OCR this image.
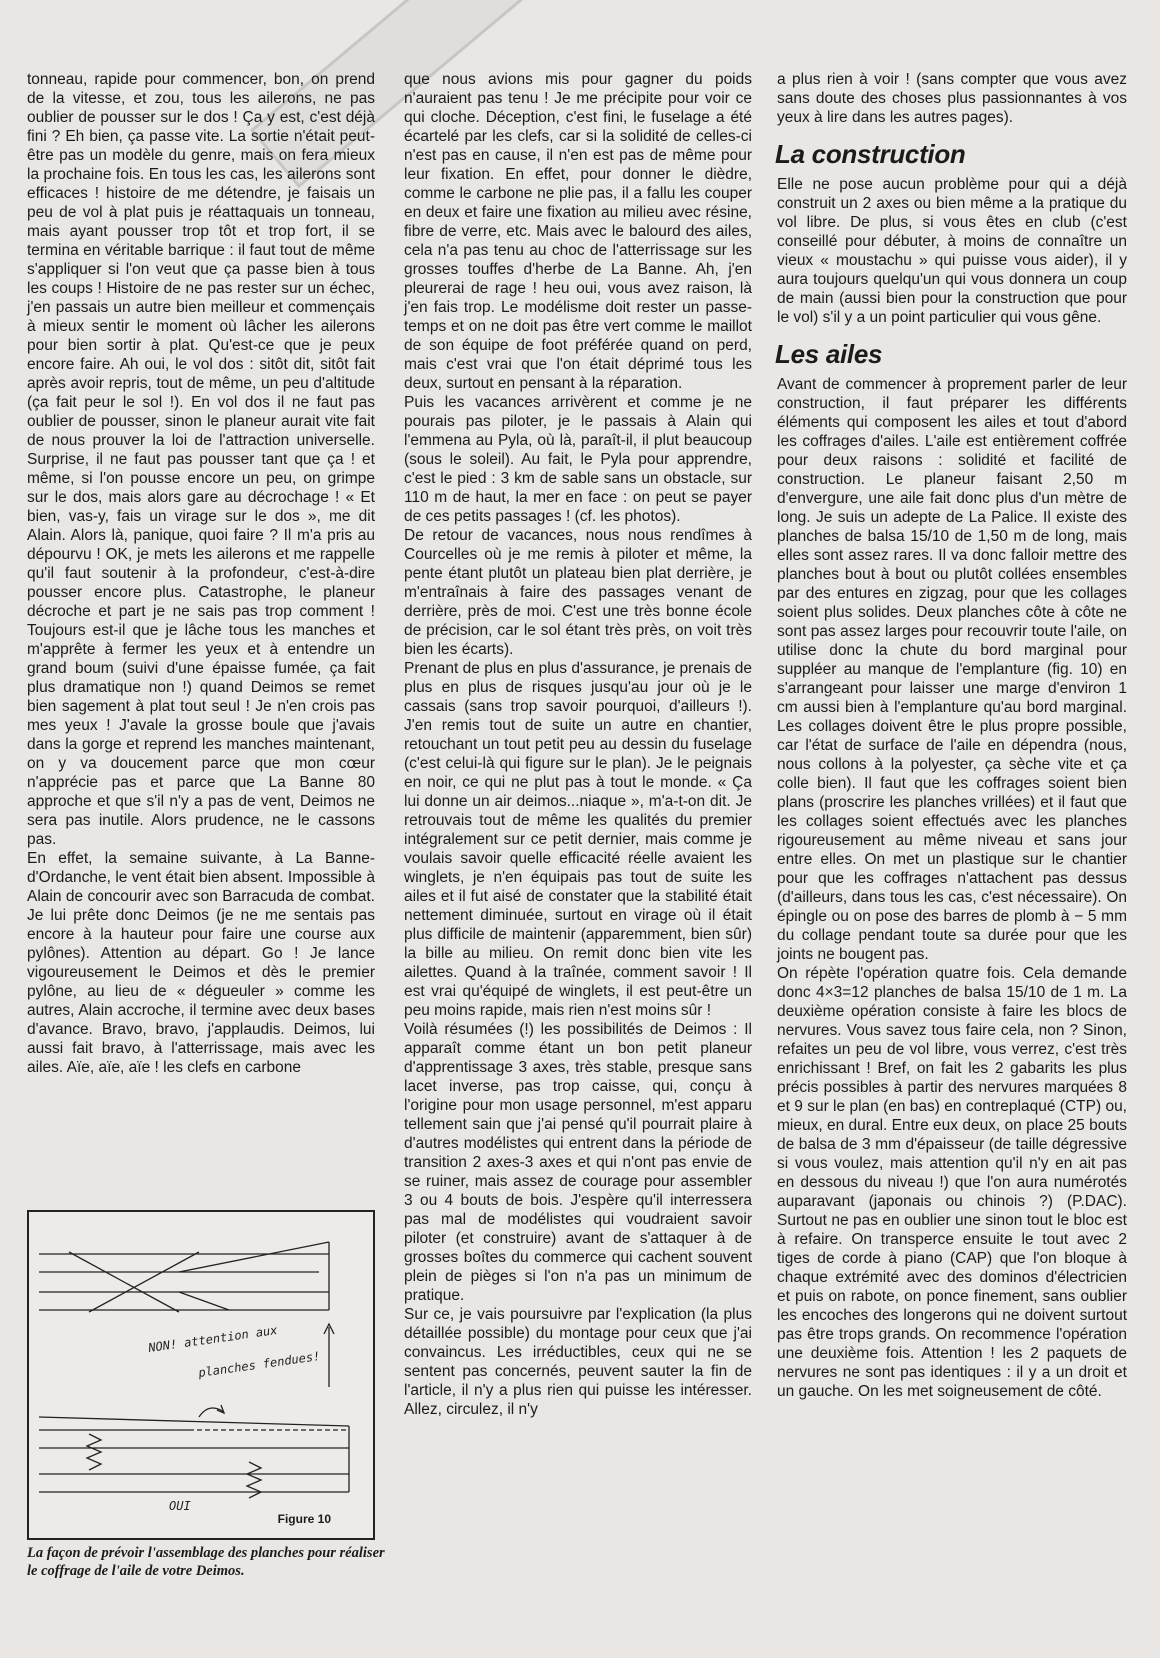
tonneau, rapide pour commencer, bon, on prend de la vitesse, et zou, tous les ailerons, ne pas oublier de pousser sur le dos ! Ça y est, c'est déjà fini ? Eh bien, ça passe vite. La sortie n'était peut-être pas un modèle du genre, mais on fera mieux la prochaine fois. En tous les cas, les ailerons sont efficaces ! histoire de me détendre, je faisais un peu de vol à plat puis je réattaquais un tonneau, mais ayant pousser trop tôt et trop fort, il se termina en véritable barrique : il faut tout de même s'appliquer si l'on veut que ça passe bien à tous les coups ! Histoire de ne pas rester sur un échec, j'en passais un autre bien meilleur et commençais à mieux sentir le moment où lâcher les ailerons pour bien sortir à plat. Qu'est-ce que je peux encore faire. Ah oui, le vol dos : sitôt dit, sitôt fait après avoir repris, tout de même, un peu d'altitude (ça fait peur le sol !). En vol dos il ne faut pas oublier de pousser, sinon le planeur aurait vite fait de nous prouver la loi de l'attraction universelle. Surprise, il ne faut pas pousser tant que ça ! et même, si l'on pousse encore un peu, on grimpe sur le dos, mais alors gare au décrochage ! « Et bien, vas-y, fais un virage sur le dos », me dit Alain. Alors là, panique, quoi faire ? Il m'a pris au dépourvu ! OK, je mets les ailerons et me rappelle qu'il faut soutenir à la profondeur, c'est-à-dire pousser encore plus. Catastrophe, le planeur décroche et part je ne sais pas trop comment ! Toujours est-il que je lâche tous les manches et m'apprête à fermer les yeux et à entendre un grand boum (suivi d'une épaisse fumée, ça fait plus dramatique non !) quand Deimos se remet bien sagement à plat tout seul ! Je n'en crois pas mes yeux ! J'avale la grosse boule que j'avais dans la gorge et reprend les manches maintenant, on y va doucement parce que mon cœur n'apprécie pas et parce que La Banne 80 approche et que s'il n'y a pas de vent, Deimos ne sera pas inutile. Alors prudence, ne le cassons pas.

En effet, la semaine suivante, à La Banne-d'Ordanche, le vent était bien absent. Impossible à Alain de concourir avec son Barracuda de combat. Je lui prête donc Deimos (je ne me sentais pas encore à la hauteur pour faire une course aux pylônes). Attention au départ. Go ! Je lance vigoureusement le Deimos et dès le premier pylône, au lieu de « dégueuler » comme les autres, Alain accroche, il termine avec deux bases d'avance. Bravo, bravo, j'applaudis. Deimos, lui aussi fait bravo, à l'atterrissage, mais avec les ailes. Aïe, aïe, aïe ! les clefs en carbone

que nous avions mis pour gagner du poids n'auraient pas tenu ! Je me précipite pour voir ce qui cloche. Déception, c'est fini, le fuselage a été écartelé par les clefs, car si la solidité de celles-ci n'est pas en cause, il n'en est pas de même pour leur fixation. En effet, pour donner le dièdre, comme le carbone ne plie pas, il a fallu les couper en deux et faire une fixation au milieu avec résine, fibre de verre, etc. Mais avec le balourd des ailes, cela n'a pas tenu au choc de l'atterrissage sur les grosses touffes d'herbe de La Banne. Ah, j'en pleurerai de rage ! heu oui, vous avez raison, là j'en fais trop. Le modélisme doit rester un passe-temps et on ne doit pas être vert comme le maillot de son équipe de foot préférée quand on perd, mais c'est vrai que l'on était déprimé tous les deux, surtout en pensant à la réparation.

Puis les vacances arrivèrent et comme je ne pourais pas piloter, je le passais à Alain qui l'emmena au Pyla, où là, paraît-il, il plut beaucoup (sous le soleil). Au fait, le Pyla pour apprendre, c'est le pied : 3 km de sable sans un obstacle, sur 110 m de haut, la mer en face : on peut se payer de ces petits passages ! (cf. les photos).

De retour de vacances, nous nous rendîmes à Courcelles où je me remis à piloter et même, la pente étant plutôt un plateau bien plat derrière, je m'entraînais à faire des passages venant de derrière, près de moi. C'est une très bonne école de précision, car le sol étant très près, on voit très bien les écarts).

Prenant de plus en plus d'assurance, je prenais de plus en plus de risques jusqu'au jour où je le cassais (sans trop savoir pourquoi, d'ailleurs !). J'en remis tout de suite un autre en chantier, retouchant un tout petit peu au dessin du fuselage (c'est celui-là qui figure sur le plan). Je le peignais en noir, ce qui ne plut pas à tout le monde. « Ça lui donne un air deimos...niaque », m'a-t-on dit. Je retrouvais tout de même les qualités du premier intégralement sur ce petit dernier, mais comme je voulais savoir quelle efficacité réelle avaient les winglets, je n'en équipais pas tout de suite les ailes et il fut aisé de constater que la stabilité était nettement diminuée, surtout en virage où il était plus difficile de maintenir (apparemment, bien sûr) la bille au milieu. On remit donc bien vite les ailettes. Quand à la traînée, comment savoir ! Il est vrai qu'équipé de winglets, il est peut-être un peu moins rapide, mais rien n'est moins sûr !

Voilà résumées (!) les possibilités de Deimos : Il apparaît comme étant un bon petit planeur d'apprentissage 3 axes, très stable, presque sans lacet inverse, pas trop caisse, qui, conçu à l'origine pour mon usage personnel, m'est apparu tellement sain que j'ai pensé qu'il pourrait plaire à d'autres modélistes qui entrent dans la période de transition 2 axes-3 axes et qui n'ont pas envie de se ruiner, mais assez de courage pour assembler 3 ou 4 bouts de bois. J'espère qu'il interressera pas mal de modélistes qui voudraient savoir piloter (et construire) avant de s'attaquer à de grosses boîtes du commerce qui cachent souvent plein de pièges si l'on n'a pas un minimum de pratique.

Sur ce, je vais poursuivre par l'explication (la plus détaillée possible) du montage pour ceux que j'ai convaincus. Les irréductibles, ceux qui ne se sentent pas concernés, peuvent sauter la fin de l'article, il n'y a plus rien qui puisse les intéresser. Allez, circulez, il n'y

a plus rien à voir ! (sans compter que vous avez sans doute des choses plus passionnantes à vos yeux à lire dans les autres pages).

La construction

Elle ne pose aucun problème pour qui a déjà construit un 2 axes ou bien même a la pratique du vol libre. De plus, si vous êtes en club (c'est conseillé pour débuter, à moins de connaître un vieux « moustachu » qui puisse vous aider), il y aura toujours quelqu'un qui vous donnera un coup de main (aussi bien pour la construction que pour le vol) s'il y a un point particulier qui vous gêne.

Les ailes

Avant de commencer à proprement parler de leur construction, il faut préparer les différents éléments qui composent les ailes et tout d'abord les coffrages d'ailes. L'aile est entièrement coffrée pour deux raisons : solidité et facilité de construction. Le planeur faisant 2,50 m d'envergure, une aile fait donc plus d'un mètre de long. Je suis un adepte de La Palice. Il existe des planches de balsa 15/10 de 1,50 m de long, mais elles sont assez rares. Il va donc falloir mettre des planches bout à bout ou plutôt collées ensembles par des entures en zigzag, pour que les collages soient plus solides. Deux planches côte à côte ne sont pas assez larges pour recouvrir toute l'aile, on utilise donc la chute du bord marginal pour suppléer au manque de l'emplanture (fig. 10) en s'arrangeant pour laisser une marge d'environ 1 cm aussi bien à l'emplanture qu'au bord marginal. Les collages doivent être le plus propre possible, car l'état de surface de l'aile en dépendra (nous, nous collons à la polyester, ça sèche vite et ça colle bien). Il faut que les coffrages soient bien plans (proscrire les planches vrillées) et il faut que les collages soient effectués avec les planches rigoureusement au même niveau et sans jour entre elles. On met un plastique sur le chantier pour que les coffrages n'attachent pas dessus (d'ailleurs, dans tous les cas, c'est nécessaire). On épingle ou on pose des barres de plomb à − 5 mm du collage pendant toute sa durée pour que les joints ne bougent pas.

On répète l'opération quatre fois. Cela demande donc 4×3=12 planches de balsa 15/10 de 1 m. La deuxième opération consiste à faire les blocs de nervures. Vous savez tous faire cela, non ? Sinon, refaites un peu de vol libre, vous verrez, c'est très enrichissant ! Bref, on fait les 2 gabarits les plus précis possibles à partir des nervures marquées 8 et 9 sur le plan (en bas) en contreplaqué (CTP) ou, mieux, en dural. Entre eux deux, on place 25 bouts de balsa de 3 mm d'épaisseur (de taille dégressive si vous voulez, mais attention qu'il n'y en ait pas en dessous du niveau !) que l'on aura numérotés auparavant (japonais ou chinois ?) (P.DAC). Surtout ne pas en oublier une sinon tout le bloc est à refaire. On transperce ensuite le tout avec 2 tiges de corde à piano (CAP) que l'on bloque à chaque extrémité avec des dominos d'électricien et puis on rabote, on ponce finement, sans oublier les encoches des longerons qui ne doivent surtout pas être trops grands. On recommence l'opération une deuxième fois. Attention ! les 2 paquets de nervures ne sont pas identiques : il y a un droit et un gauche. On les met soigneusement de côté.

NON! attention aux
planches fendues!
OUI
Figure 10
La façon de prévoir l'assemblage des planches pour réaliser le coffrage de l'aile de votre Deimos.
